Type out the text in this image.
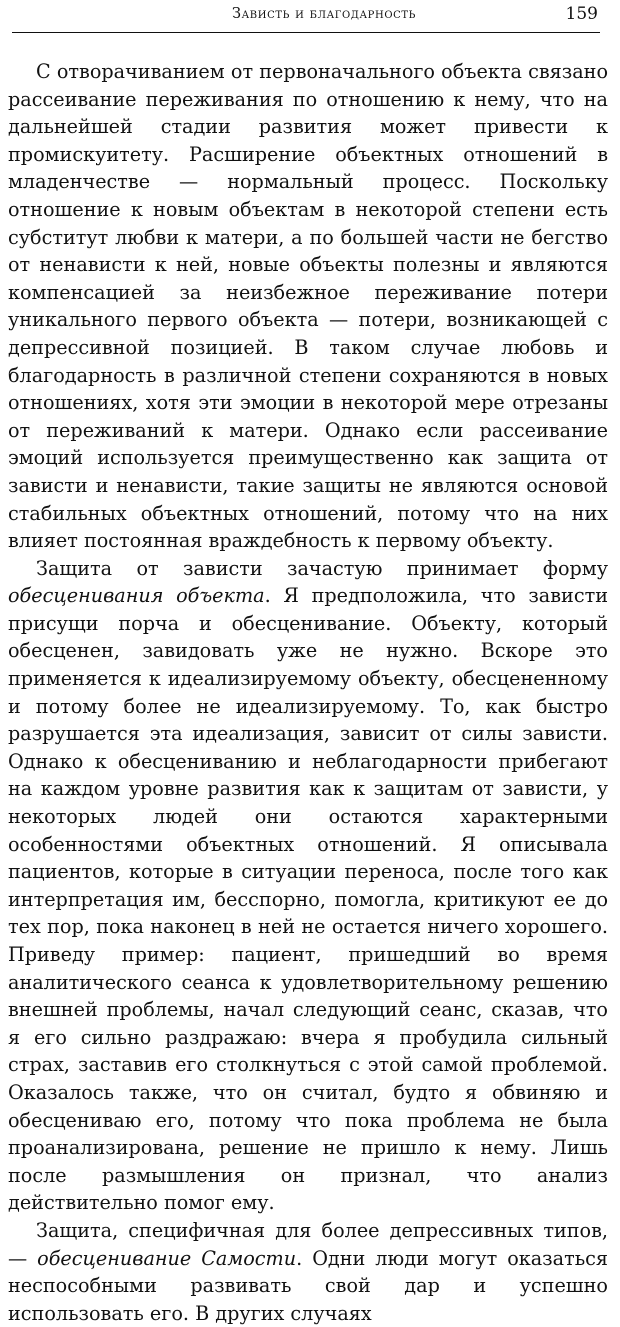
Зависть и благодарность	159

С отворачиванием от первоначального объекта связано рассеивание переживания по отношению к нему, что на дальнейшей стадии развития может привести к промискуитету. Расширение объектных отношений в младенчестве — нормальный процесс. Поскольку отношение к новым объектам в некоторой степени есть субститут любви к матери, а по большей части не бегство от ненависти к ней, новые объекты полезны и являются компенсацией за неизбежное переживание потери уникального первого объекта — потери, возникающей с депрессивной позицией. В таком случае любовь и благодарность в различной степени сохраняются в новых отношениях, хотя эти эмоции в некоторой мере отрезаны от переживаний к матери. Однако если рассеивание эмоций используется преимущественно как защита от зависти и ненависти, такие защиты не являются основой стабильных объектных отношений, потому что на них влияет постоянная враждебность к первому объекту.

Защита от зависти зачастую принимает форму обесценивания объекта. Я предположила, что зависти присущи порча и обесценивание. Объекту, который обесценен, завидовать уже не нужно. Вскоре это применяется к идеализируемому объекту, обесцененному и потому более не идеализируемому. То, как быстро разрушается эта идеализация, зависит от силы зависти. Однако к обесцениванию и неблагодарности прибегают на каждом уровне развития как к защитам от зависти, у некоторых людей они остаются характерными особенностями объектных отношений. Я описывала пациентов, которые в ситуации переноса, после того как интерпретация им, бесспорно, помогла, критикуют ее до тех пор, пока наконец в ней не остается ничего хорошего. Приведу пример: пациент, пришедший во время аналитического сеанса к удовлетворительному решению внешней проблемы, начал следующий сеанс, сказав, что я его сильно раздражаю: вчера я пробудила сильный страх, заставив его столкнуться с этой самой проблемой. Оказалось также, что он считал, будто я обвиняю и обесцениваю его, потому что пока проблема не была проанализирована, решение не пришло к нему. Лишь после размышления он признал, что анализ действительно помог ему.

Защита, специфичная для более депрессивных типов, — обесценивание Самости. Одни люди могут оказаться неспособными развивать свой дар и успешно использовать его. В других случаях
